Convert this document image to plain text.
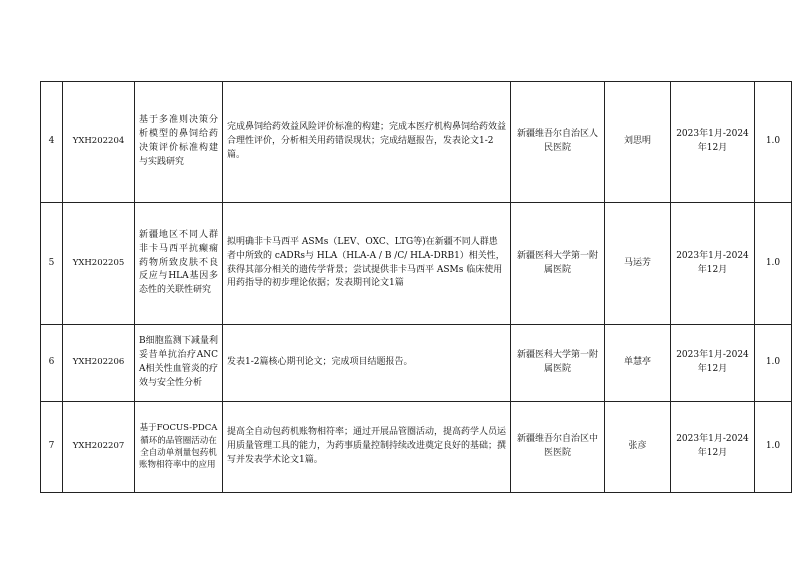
4	YXH202204	基于多准则决策分析模型的鼻饲给药决策评价标准构建与实践研究	完成鼻饲给药效益风险评价标准的构建；完成本医疗机构鼻饲给药效益合理性评价，分析相关用药错误现状；完成结题报告，发表论文1-2篇。	新疆维吾尔自治区人民医院	刘思明	2023年1月-2024年12月	1.0
5	YXH202205	新疆地区不同人群非卡马西平抗癫痫药物所致皮肤不良反应与HLA基因多态性的关联性研究	拟明确非卡马西平 ASMs（LEV、OXC、LTG等)在新疆不同人群患者中所致的 cADRs与 HLA（HLA-A / B /C/ HLA-DRB1）相关性，获得其部分相关的遗传学背景；尝试提供非卡马西平 ASMs 临床使用用药指导的初步理论依据；发表期刊论文1篇	新疆医科大学第一附属医院	马运芳	2023年1月-2024年12月	1.0
6	YXH202206	B细胞监测下减量利妥昔单抗治疗ANCA相关性血管炎的疗效与安全性分析	发表1-2篇核心期刊论文；完成项目结题报告。	新疆医科大学第一附属医院	单慧亭	2023年1月-2024年12月	1.0
7	YXH202207	基于FOCUS-PDCA循环的品管圈活动在全自动单剂量包药机账物相符率中的应用	提高全自动包药机账物相符率；通过开展品管圈活动，提高药学人员运用质量管理工具的能力，为药事质量控制持续改进奠定良好的基础；撰写并发表学术论文1篇。	新疆维吾尔自治区中医医院	张彦	2023年1月-2024年12月	1.0
